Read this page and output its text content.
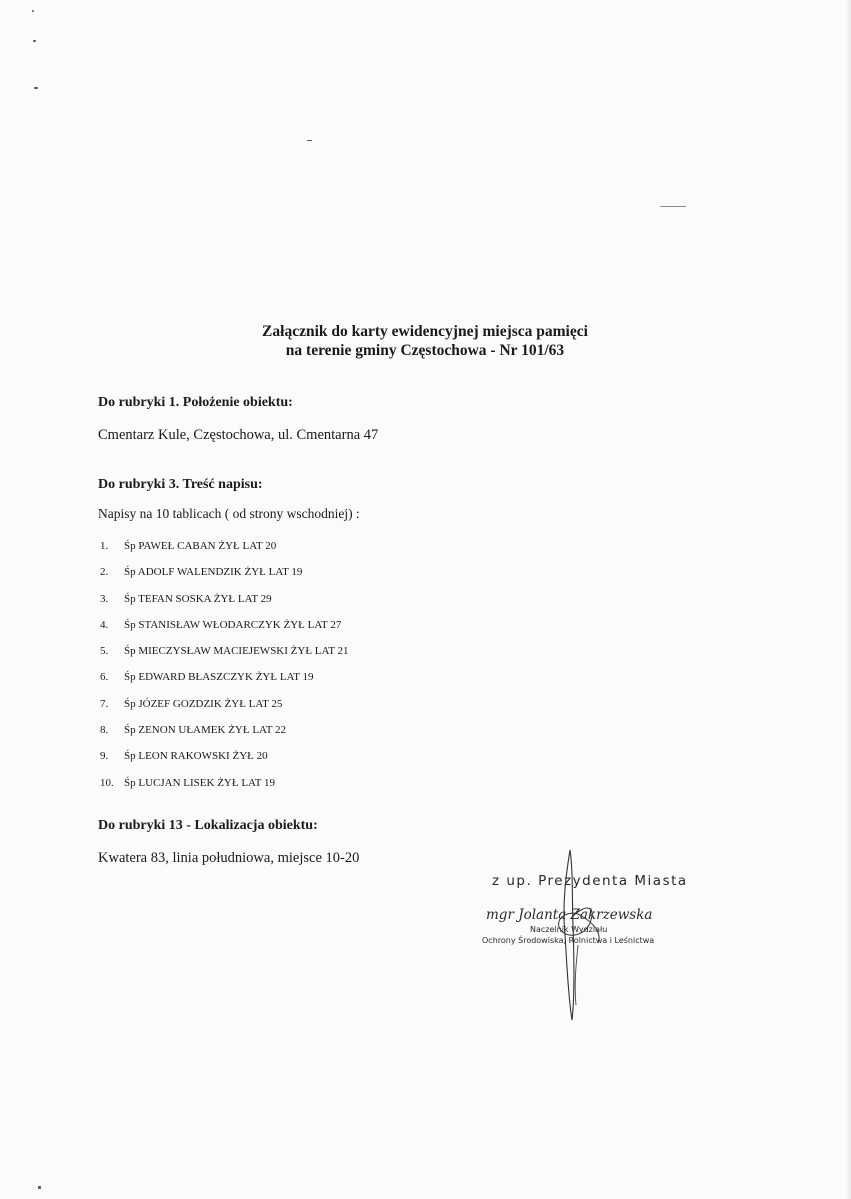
Załącznik do karty ewidencyjnej miejsca pamięci
na terenie gminy Częstochowa - Nr 101/63
Do rubryki 1. Położenie obiektu:
Cmentarz Kule, Częstochowa, ul. Cmentarna 47
Do rubryki 3. Treść napisu:
Napisy na 10 tablicach ( od strony wschodniej) :
1. Śp PAWEŁ CABAN ŻYŁ LAT 20
2. Śp ADOLF WALENDZIK ŻYŁ LAT 19
3. Śp TEFAN SOSKA ŻYŁ LAT 29
4. Śp STANISŁAW WŁODARCZYK ŻYŁ LAT 27
5. Śp MIECZYSŁAW MACIEJEWSKI ŻYŁ LAT 21
6. Śp EDWARD BŁASZCZYK ŻYŁ LAT 19
7. Śp JÓZEF GOZDZIK ŻYŁ LAT 25
8. Śp ZENON UŁAMEK ŻYŁ LAT 22
9. Śp LEON RAKOWSKI ŻYŁ 20
10. Śp LUCJAN LISEK ŻYŁ LAT 19
Do rubryki 13 - Lokalizacja obiektu:
Kwatera 83, linia południowa, miejsce 10-20
z up. Prezydenta Miasta
mgr Jolanta Zakrzewska
Naczelnik Wydziału
Ochrony Środowiska, Rolnictwa i Leśnictwa
